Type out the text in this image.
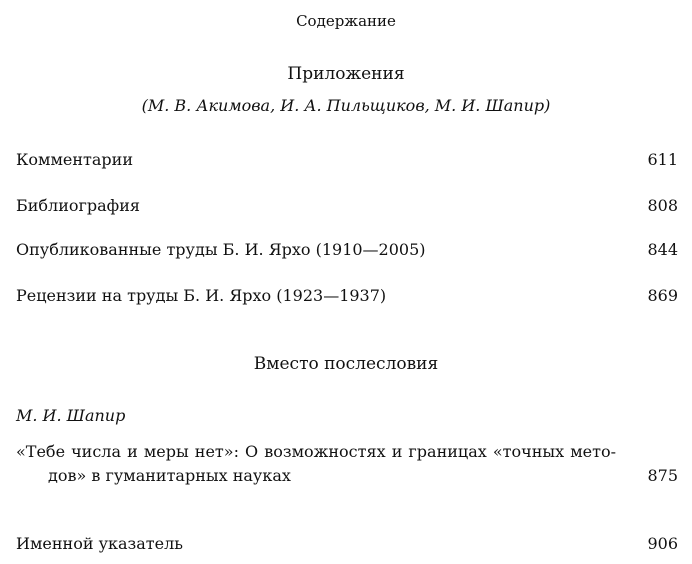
Содержание
Приложения
(М. В. Акимова, И. А. Пильщиков, М. И. Шапир)
Комментарии	611
Библиография	808
Опубликованные труды Б. И. Ярхо (1910—2005)	844
Рецензии на труды Б. И. Ярхо (1923—1937)	869
Вместо послесловия
М. И. Шапир
«Тебе числа и меры нет»: О возможностях и границах «точных мето-
дов» в гуманитарных науках	875
Именной указатель	906
